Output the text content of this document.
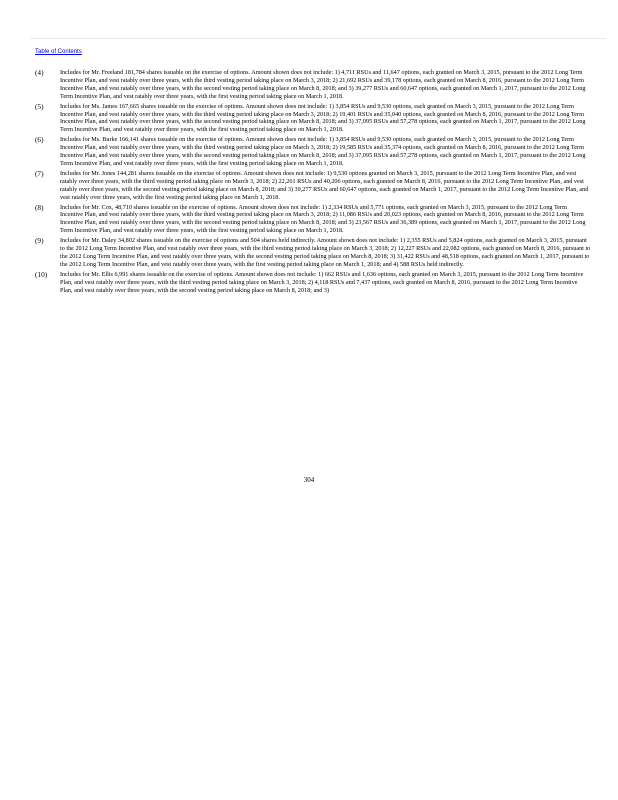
Table of Contents
(4)	Includes for Mr. Freeland 181,784 shares issuable on the exercise of options. Amount shown does not include: 1) 4,711 RSUs and 11,647 options, each granted on March 3, 2015, pursuant to the 2012 Long Term Incentive Plan, and vest ratably over three years, with the third vesting period taking place on March 3, 2018; 2) 21,692 RSUs and 39,178 options, each granted on March 8, 2016, pursuant to the 2012 Long Term Incentive Plan, and vest ratably over three years, with the second vesting period taking place on March 8, 2018; and 3) 39,277 RSUs and 60,647 options, each granted on March 1, 2017, pursuant to the 2012 Long Term Incentive Plan, and vest ratably over three years, with the first vesting period taking place on March 1, 2018.
(5)	Includes for Ms. James 167,665 shares issuable on the exercise of options. Amount shown does not include: 1) 3,854 RSUs and 9,530 options, each granted on March 3, 2015, pursuant to the 2012 Long Term Incentive Plan, and vest ratably over three years, with the third vesting period taking place on March 3, 2018; 2) 19,401 RSUs and 35,040 options, each granted on March 8, 2016, pursuant to the 2012 Long Term Incentive Plan, and vest ratably over three years, with the second vesting period taking place on March 8, 2018; and 3) 37,095 RSUs and 57,278 options, each granted on March 1, 2017, pursuant to the 2012 Long Term Incentive Plan, and vest ratably over three years, with the first vesting period taking place on March 1, 2018.
(6)	Includes for Ms. Burke 166,141 shares issuable on the exercise of options. Amount shown does not include: 1) 3,854 RSUs and 9,530 options, each granted on March 3, 2015, pursuant to the 2012 Long Term Incentive Plan, and vest ratably over three years, with the third vesting period taking place on March 3, 2018; 2) 19,585 RSUs and 35,374 options, each granted on March 8, 2016, pursuant to the 2012 Long Term Incentive Plan, and vest ratably over three years, with the second vesting period taking place on March 8, 2018; and 3) 37,095 RSUs and 57,278 options, each granted on March 1, 2017, pursuant to the 2012 Long Term Incentive Plan, and vest ratably over three years, with the first vesting period taking place on March 1, 2018.
(7)	Includes for Mr. Jones 144,281 shares issuable on the exercise of options. Amount shown does not include: 1) 9,530 options granted on March 3, 2015, pursuant to the 2012 Long Term Incentive Plan, and vest ratably over three years, with the third vesting period taking place on March 3, 2018; 2) 22,261 RSUs and 40,206 options, each granted on March 8, 2016, pursuant to the 2012 Long Term Incentive Plan, and vest ratably over three years, with the second vesting period taking place on March 8, 2018; and 3) 39,277 RSUs and 60,647 options, each granted on March 1, 2017, pursuant to the 2012 Long Term Incentive Plan, and vest ratably over three years, with the first vesting period taking place on March 1, 2018.
(8)	Includes for Mr. Cox, 48,710 shares issuable on the exercise of options. Amount shown does not include: 1) 2,334 RSUs and 5,771 options, each granted on March 3, 2015, pursuant to the 2012 Long Term Incentive Plan, and vest ratably over three years, with the third vesting period taking place on March 3, 2018; 2) 11,086 RSUs and 20,023 options, each granted on March 8, 2016, pursuant to the 2012 Long Term Incentive Plan, and vest ratably over three years, with the second vesting period taking place on March 8, 2018; and 3) 23,567 RSUs and 36,389 options, each granted on March 1, 2017, pursuant to the 2012 Long Term Incentive Plan, and vest ratably over three years, with the first vesting period taking place on March 1, 2018.
(9)	Includes for Mr. Daley 34,802 shares issuable on the exercise of options and 504 shares held indirectly. Amount shown does not include: 1) 2,355 RSUs and 5,824 options, each granted on March 3, 2015, pursuant to the 2012 Long Term Incentive Plan, and vest ratably over three years, with the third vesting period taking place on March 3, 2018; 2) 12,227 RSUs and 22,082 options, each granted on March 8, 2016, pursuant to the 2012 Long Term Incentive Plan, and vest ratably over three years, with the second vesting period taking place on March 8, 2018; 3) 31,422 RSUs and 48,518 options, each granted on March 1, 2017, pursuant to the 2012 Long Term Incentive Plan, and vest ratably over three years, with the first vesting period taking place on March 1, 2018; and 4) 588 RSUs held indirectly.
(10)	Includes for Mr. Ellis 6,991 shares issuable on the exercise of options. Amount shown does not include: 1) 662 RSUs and 1,636 options, each granted on March 3, 2015, pursuant to the 2012 Long Term Incentive Plan, and vest ratably over three years, with the third vesting period taking place on March 3, 2018; 2) 4,118 RSUs and 7,437 options, each granted on March 8, 2016, pursuant to the 2012 Long Term Incentive Plan, and vest ratably over three years, with the second vesting period taking place on March 8, 2018; and 3)
304
